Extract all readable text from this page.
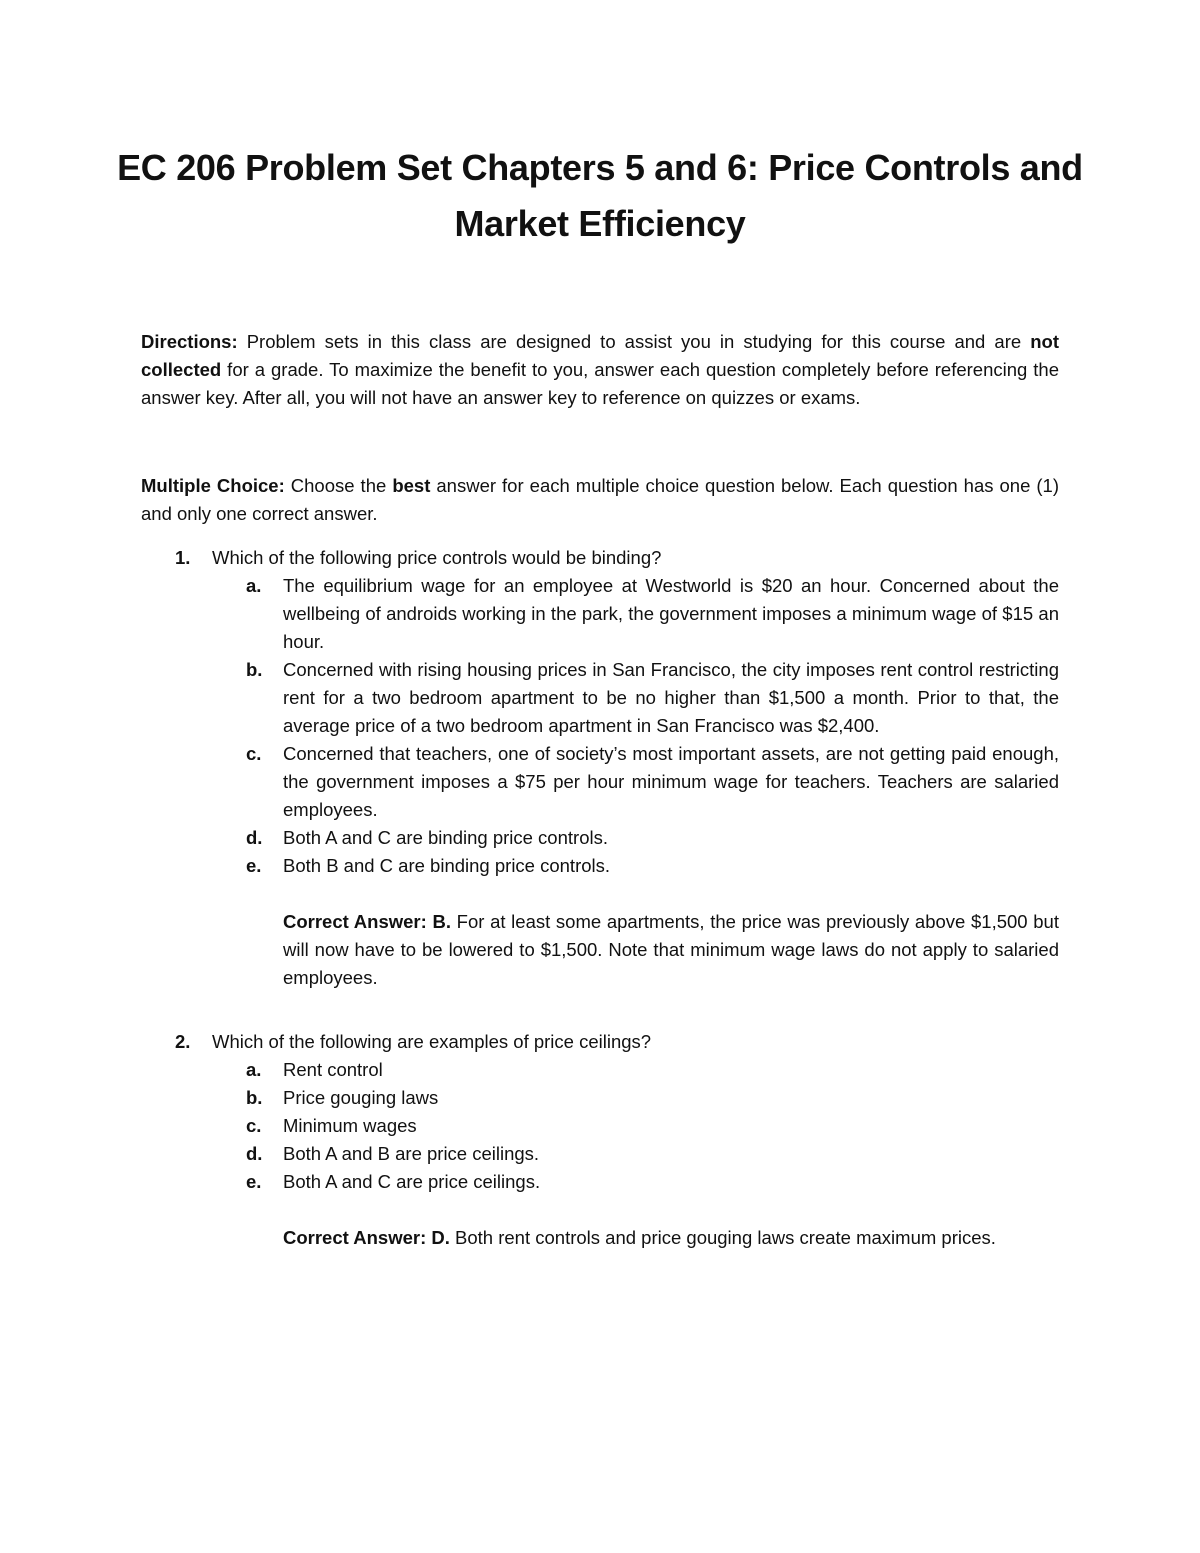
EC 206 Problem Set Chapters 5 and 6: Price Controls and Market Efficiency
Directions: Problem sets in this class are designed to assist you in studying for this course and are not collected for a grade. To maximize the benefit to you, answer each question completely before referencing the answer key. After all, you will not have an answer key to reference on quizzes or exams.
Multiple Choice: Choose the best answer for each multiple choice question below. Each question has one (1) and only one correct answer.
1.	Which of the following price controls would be binding?
a.	The equilibrium wage for an employee at Westworld is $20 an hour. Concerned about the wellbeing of androids working in the park, the government imposes a minimum wage of $15 an hour.
b.	Concerned with rising housing prices in San Francisco, the city imposes rent control restricting rent for a two bedroom apartment to be no higher than $1,500 a month. Prior to that, the average price of a two bedroom apartment in San Francisco was $2,400.
c.	Concerned that teachers, one of society’s most important assets, are not getting paid enough, the government imposes a $75 per hour minimum wage for teachers. Teachers are salaried employees.
d.	Both A and C are binding price controls.
e.	Both B and C are binding price controls.
Correct Answer: B. For at least some apartments, the price was previously above $1,500 but will now have to be lowered to $1,500. Note that minimum wage laws do not apply to salaried employees.
2.	Which of the following are examples of price ceilings?
a.	Rent control
b.	Price gouging laws
c.	Minimum wages
d.	Both A and B are price ceilings.
e.	Both A and C are price ceilings.
Correct Answer: D. Both rent controls and price gouging laws create maximum prices.
